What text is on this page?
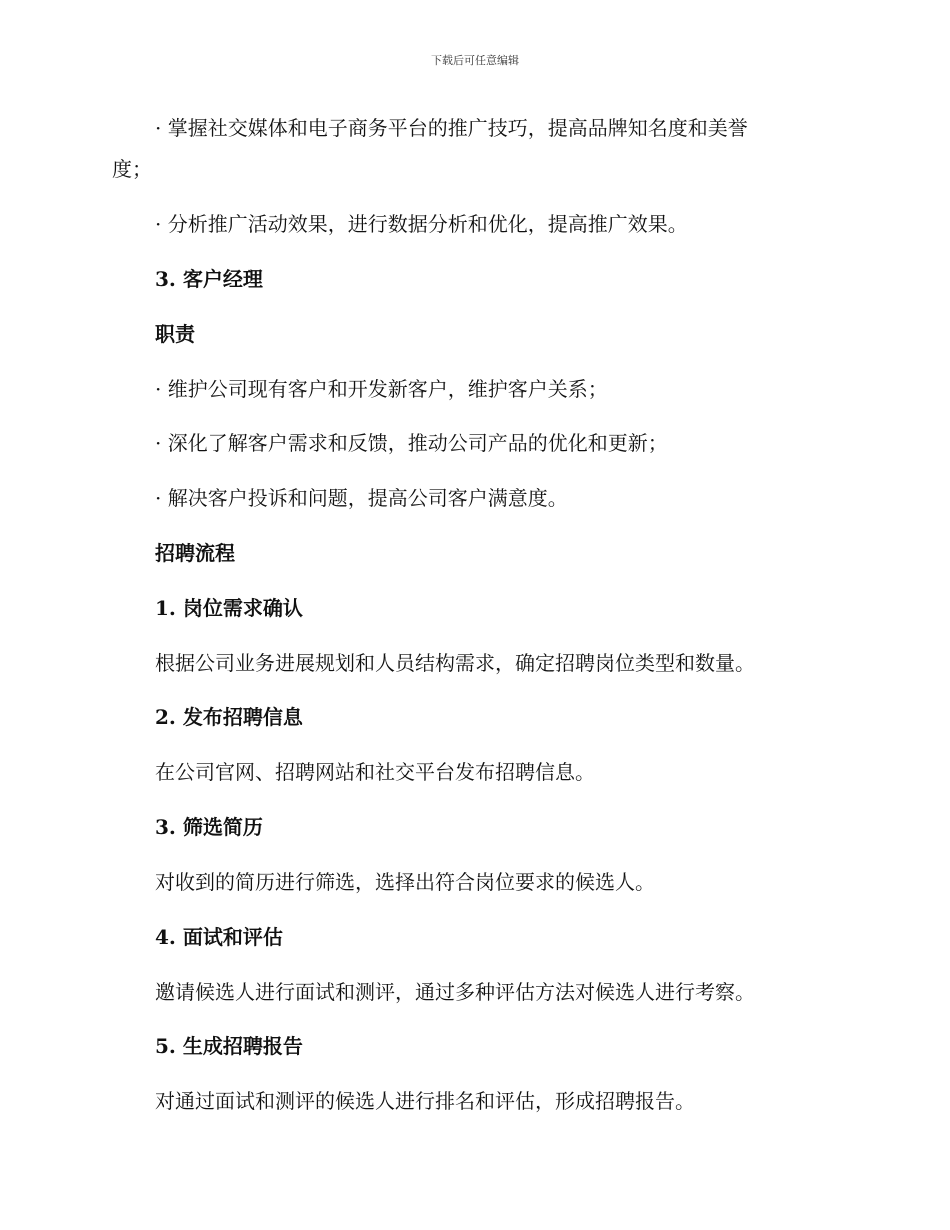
下载后可任意编辑
· 掌握社交媒体和电子商务平台的推广技巧，提高品牌知名度和美誉
度；
· 分析推广活动效果，进行数据分析和优化，提高推广效果。
3. 客户经理
职责
· 维护公司现有客户和开发新客户，维护客户关系；
· 深化了解客户需求和反馈，推动公司产品的优化和更新；
· 解决客户投诉和问题，提高公司客户满意度。
招聘流程
1. 岗位需求确认
根据公司业务进展规划和人员结构需求，确定招聘岗位类型和数量。
2. 发布招聘信息
在公司官网、招聘网站和社交平台发布招聘信息。
3. 筛选简历
对收到的简历进行筛选，选择出符合岗位要求的候选人。
4. 面试和评估
邀请候选人进行面试和测评，通过多种评估方法对候选人进行考察。
5. 生成招聘报告
对通过面试和测评的候选人进行排名和评估，形成招聘报告。
